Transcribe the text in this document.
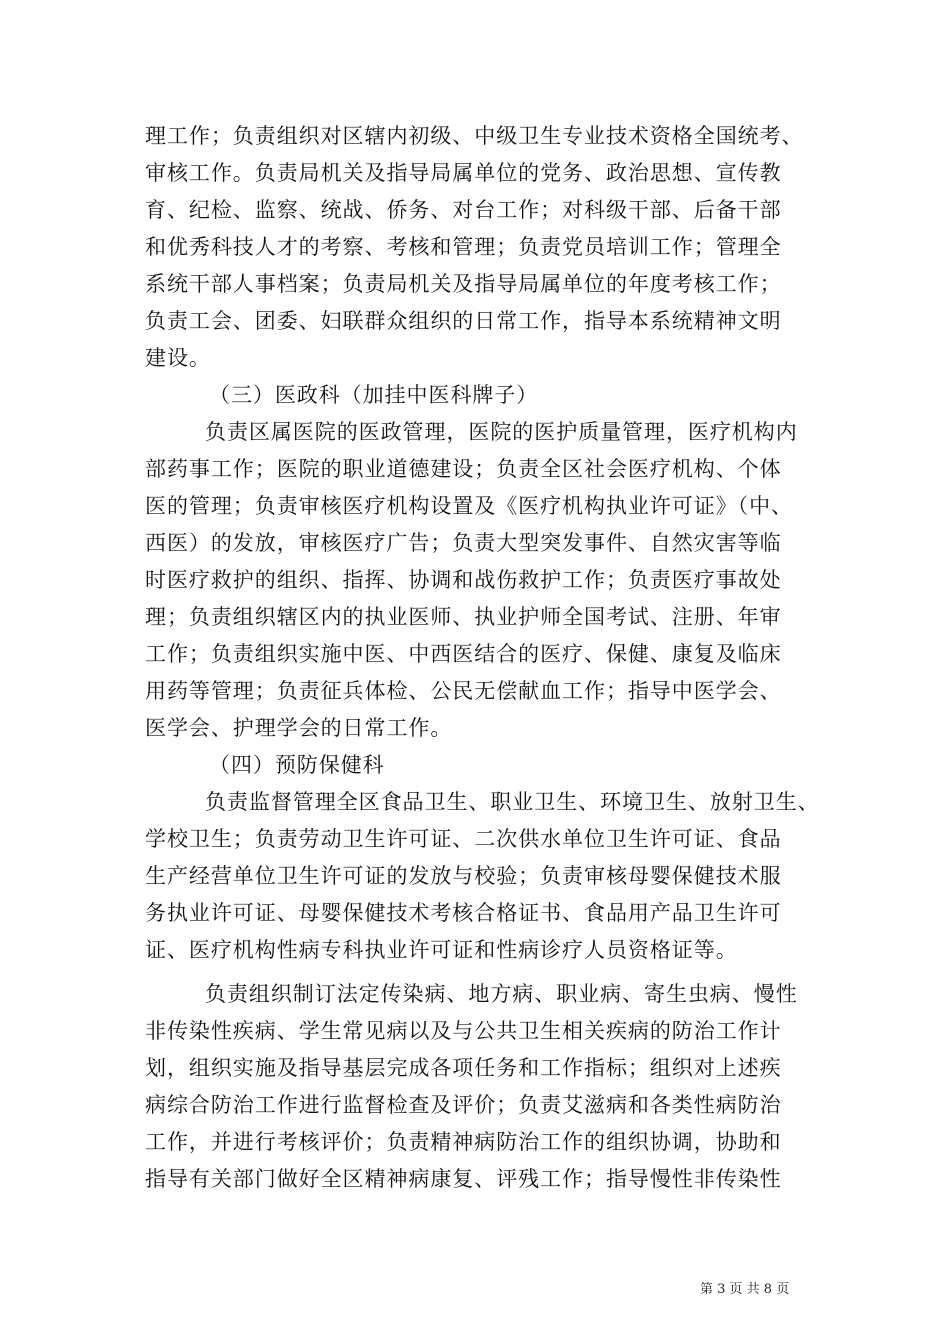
理工作；负责组织对区辖内初级、中级卫生专业技术资格全国统考、
审核工作。负责局机关及指导局属单位的党务、政治思想、宣传教
育、纪检、监察、统战、侨务、对台工作；对科级干部、后备干部
和优秀科技人才的考察、考核和管理；负责党员培训工作；管理全
系统干部人事档案；负责局机关及指导局属单位的年度考核工作；
负责工会、团委、妇联群众组织的日常工作，指导本系统精神文明
建设。

（三）医政科（加挂中医科牌子）

负责区属医院的医政管理，医院的医护质量管理，医疗机构内
部药事工作；医院的职业道德建设；负责全区社会医疗机构、个体
医的管理；负责审核医疗机构设置及《医疗机构执业许可证》（中、
西医）的发放，审核医疗广告；负责大型突发事件、自然灾害等临
时医疗救护的组织、指挥、协调和战伤救护工作；负责医疗事故处
理；负责组织辖区内的执业医师、执业护师全国考试、注册、年审
工作；负责组织实施中医、中西医结合的医疗、保健、康复及临床
用药等管理；负责征兵体检、公民无偿献血工作；指导中医学会、
医学会、护理学会的日常工作。

（四）预防保健科

负责监督管理全区食品卫生、职业卫生、环境卫生、放射卫生、
学校卫生；负责劳动卫生许可证、二次供水单位卫生许可证、食品
生产经营单位卫生许可证的发放与校验；负责审核母婴保健技术服
务执业许可证、母婴保健技术考核合格证书、食品用产品卫生许可
证、医疗机构性病专科执业许可证和性病诊疗人员资格证等。

负责组织制订法定传染病、地方病、职业病、寄生虫病、慢性
非传染性疾病、学生常见病以及与公共卫生相关疾病的防治工作计
划，组织实施及指导基层完成各项任务和工作指标；组织对上述疾
病综合防治工作进行监督检查及评价；负责艾滋病和各类性病防治
工作，并进行考核评价；负责精神病防治工作的组织协调，协助和
指导有关部门做好全区精神病康复、评残工作；指导慢性非传染性

第 3 页 共 8 页
